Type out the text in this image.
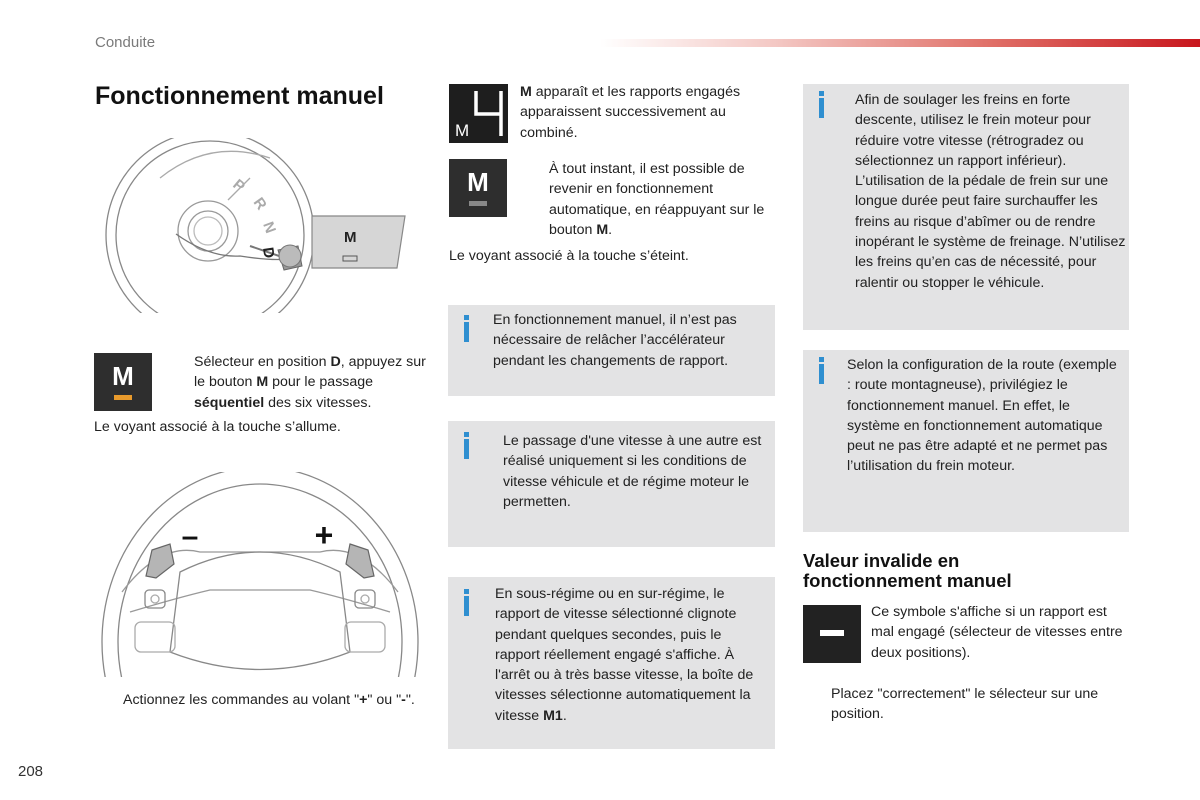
Conduite
Fonctionnement manuel
P
R
N
D
M
M	Sélecteur en position D, appuyez sur le bouton M pour le passage séquentiel des six vitesses.
Le voyant associé à la touche s’allume.
–	+
Actionnez les commandes au volant "+" ou "-".
M
M apparaît et les rapports engagés apparaissent successivement au combiné.
M	À tout instant, il est possible de revenir en fonctionnement automatique, en réappuyant sur le bouton M.
Le voyant associé à la touche s’éteint.
En fonctionnement manuel, il n’est pas nécessaire de relâcher l’accélérateur pendant les changements de rapport.
Le passage d'une vitesse à une autre est réalisé uniquement si les conditions de vitesse véhicule et de régime moteur le permetten.
En sous-régime ou en sur-régime, le rapport de vitesse sélectionné clignote pendant quelques secondes, puis le rapport réellement engagé s'affiche. À l'arrêt ou à très basse vitesse, la boîte de vitesses sélectionne automatiquement la vitesse M1.
Afin de soulager les freins en forte descente, utilisez le frein moteur pour réduire votre vitesse (rétrogradez ou sélectionnez un rapport inférieur). L’utilisation de la pédale de frein sur une longue durée peut faire surchauffer les freins au risque d’abîmer ou de rendre inopérant le système de freinage. N’utilisez les freins qu’en cas de nécessité, pour ralentir ou stopper le véhicule.
Selon la configuration de la route (exemple : route montagneuse), privilégiez le fonctionnement manuel. En effet, le système en fonctionnement automatique peut ne pas être adapté et ne permet pas l’utilisation du frein moteur.
Valeur invalide en fonctionnement manuel
Ce symbole s'affiche si un rapport est mal engagé (sélecteur de vitesses entre deux positions).
Placez "correctement" le sélecteur sur une position.
208
